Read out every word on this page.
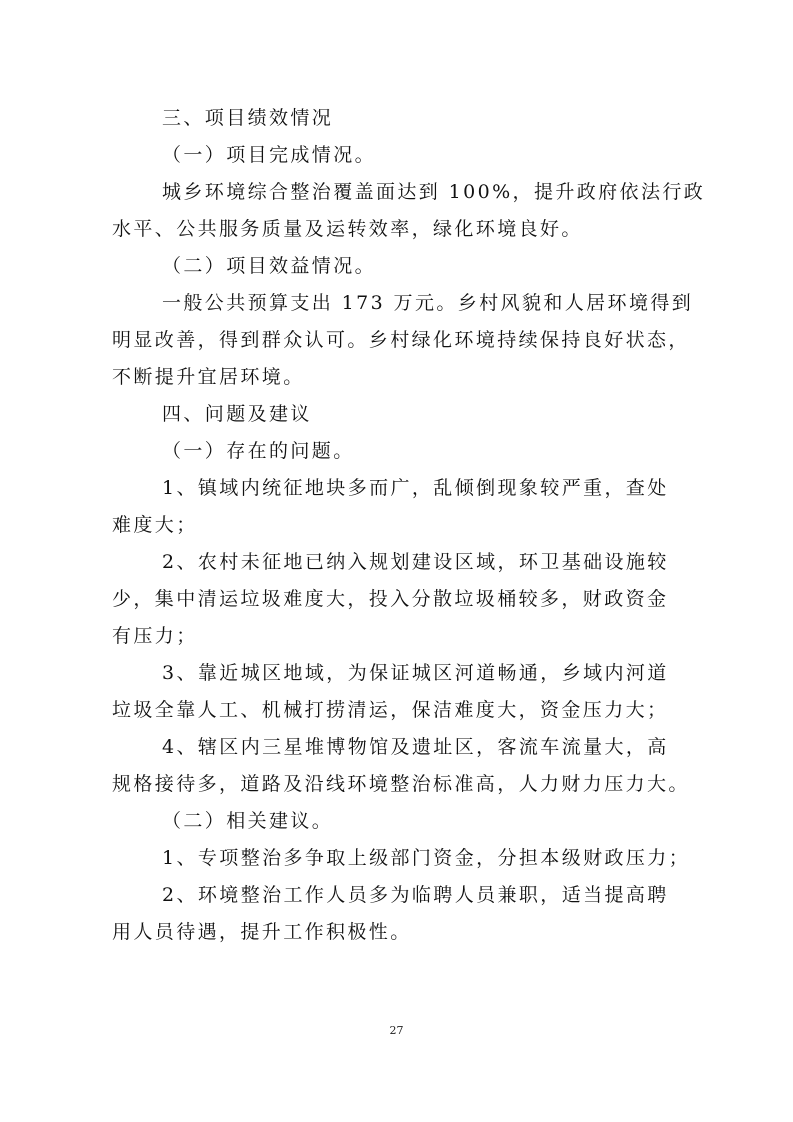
三、项目绩效情况
（一）项目完成情况。
城乡环境综合整治覆盖面达到 100%，提升政府依法行政
水平、公共服务质量及运转效率，绿化环境良好。
（二）项目效益情况。
一般公共预算支出 173 万元。乡村风貌和人居环境得到
明显改善，得到群众认可。乡村绿化环境持续保持良好状态，
不断提升宜居环境。
四、问题及建议
（一）存在的问题。
1、镇域内统征地块多而广，乱倾倒现象较严重，查处
难度大；
2、农村未征地已纳入规划建设区域，环卫基础设施较
少，集中清运垃圾难度大，投入分散垃圾桶较多，财政资金
有压力；
3、靠近城区地域，为保证城区河道畅通，乡域内河道
垃圾全靠人工、机械打捞清运，保洁难度大，资金压力大；
4、辖区内三星堆博物馆及遗址区，客流车流量大，高
规格接待多，道路及沿线环境整治标准高，人力财力压力大。
（二）相关建议。
1、专项整治多争取上级部门资金，分担本级财政压力；
2、环境整治工作人员多为临聘人员兼职，适当提高聘
用人员待遇，提升工作积极性。
27
